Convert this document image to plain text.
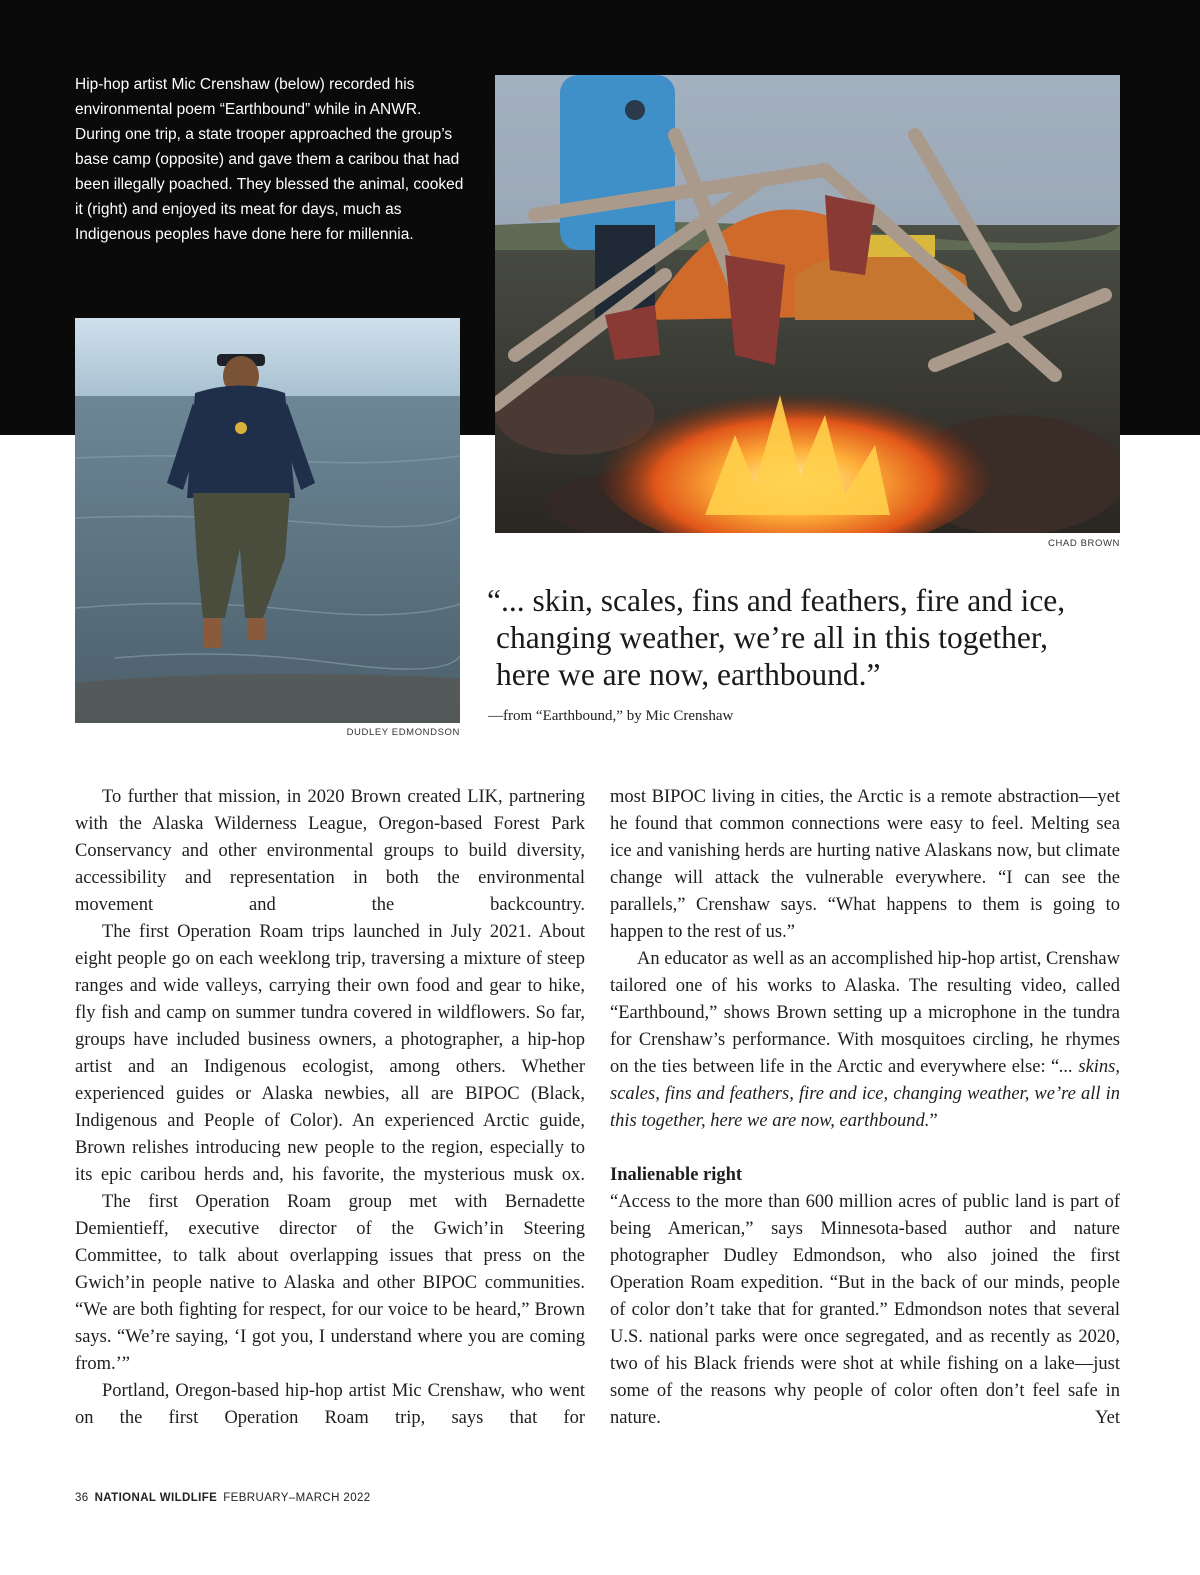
Hip-hop artist Mic Crenshaw (below) recorded his environmental poem “Earthbound” while in ANWR. During one trip, a state trooper approached the group’s base camp (opposite) and gave them a caribou that had been illegally poached. They blessed the animal, cooked it (right) and enjoyed its meat for days, much as Indigenous peoples have done here for millennia.

CHAD BROWN
DUDLEY EDMONDSON
“... skin, scales, fins and feathers, fire and ice,
changing weather, we’re all in this together,
here we are now, earthbound.”
—from “Earthbound,” by Mic Crenshaw

To further that mission, in 2020 Brown created LIK, partnering with the Alaska Wilderness League, Oregon-based Forest Park Conservancy and other environmental groups to build diversity, accessibility and representation in both the environmental movement and the backcountry.

The first Operation Roam trips launched in July 2021. About eight people go on each weeklong trip, traversing a mixture of steep ranges and wide valleys, carrying their own food and gear to hike, fly fish and camp on summer tundra covered in wildflowers. So far, groups have included business owners, a photographer, a hip-hop artist and an Indigenous ecologist, among others. Whether experienced guides or Alaska newbies, all are BIPOC (Black, Indigenous and People of Color). An experienced Arctic guide, Brown relishes introducing new people to the region, especially to its epic caribou herds and, his favorite, the mysterious musk ox.

The first Operation Roam group met with Bernadette Demientieff, executive director of the Gwich’in Steering Committee, to talk about overlapping issues that press on the Gwich’in people native to Alaska and other BIPOC communities. “We are both fighting for respect, for our voice to be heard,” Brown says. “We’re saying, ‘I got you, I understand where you are coming from.’”

Portland, Oregon-based hip-hop artist Mic Crenshaw, who went on the first Operation Roam trip, says that for

most BIPOC living in cities, the Arctic is a remote abstraction—yet he found that common connections were easy to feel. Melting sea ice and vanishing herds are hurting native Alaskans now, but climate change will attack the vulnerable everywhere. “I can see the parallels,” Crenshaw says. “What happens to them is going to happen to the rest of us.”

An educator as well as an accomplished hip-hop artist, Crenshaw tailored one of his works to Alaska. The resulting video, called “Earthbound,” shows Brown setting up a microphone in the tundra for Crenshaw’s performance. With mosquitoes circling, he rhymes on the ties between life in the Arctic and everywhere else: “... skins, scales, fins and feathers, fire and ice, changing weather, we’re all in this together, here we are now, earthbound.”

Inalienable right

“Access to the more than 600 million acres of public land is part of being American,” says Minnesota-based author and nature photographer Dudley Edmondson, who also joined the first Operation Roam expedition. “But in the back of our minds, people of color don’t take that for granted.” Edmondson notes that several U.S. national parks were once segregated, and as recently as 2020, two of his Black friends were shot at while fishing on a lake—just some of the reasons why people of color often don’t feel safe in nature. Yet

36 NATIONAL WILDLIFE FEBRUARY–MARCH 2022
